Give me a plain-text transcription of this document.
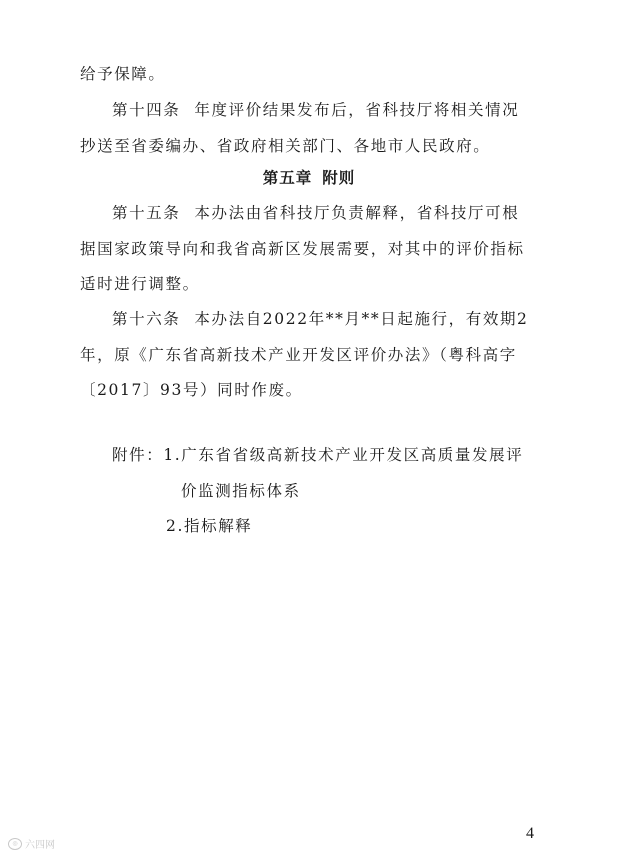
给予保障。
第十四条 年度评价结果发布后，省科技厅将相关情况
抄送至省委编办、省政府相关部门、各地市人民政府。
第五章 附则
第十五条 本办法由省科技厅负责解释，省科技厅可根
据国家政策导向和我省高新区发展需要，对其中的评价指标
适时进行调整。
第十六条 本办法自2022年**月**日起施行，有效期2
年，原《广东省高新技术产业开发区评价办法》（粤科高字
〔2017〕93号）同时作废。
附件：1.广东省省级高新技术产业开发区高质量发展评
价监测指标体系
2.指标解释
4
◎ 六四网
